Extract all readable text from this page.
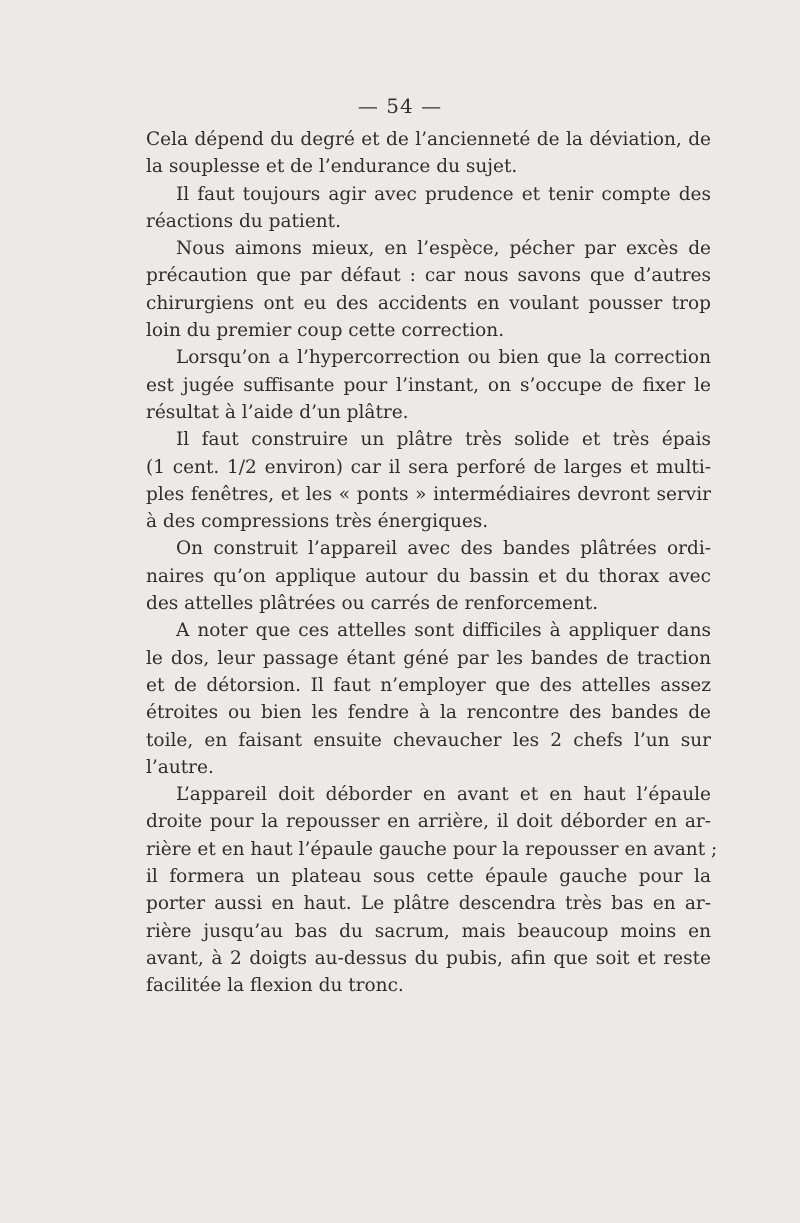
— 54 —
Cela dépend du degré et de l’ancienneté de la déviation, de
la souplesse et de l’endurance du sujet.
Il faut toujours agir avec prudence et tenir compte des
réactions du patient.
Nous aimons mieux, en l’espèce, pécher par excès de
précaution que par défaut : car nous savons que d’autres
chirurgiens ont eu des accidents en voulant pousser trop
loin du premier coup cette correction.
Lorsqu’on a l’hypercorrection ou bien que la correction
est jugée suffisante pour l’instant, on s’occupe de fixer le
résultat à l’aide d’un plâtre.
Il faut construire un plâtre très solide et très épais
(1 cent. 1/2 environ) car il sera perforé de larges et multi-
ples fenêtres, et les « ponts » intermédiaires devront servir
à des compressions très énergiques.
On construit l’appareil avec des bandes plâtrées ordi-
naires qu’on applique autour du bassin et du thorax avec
des attelles plâtrées ou carrés de renforcement.
A noter que ces attelles sont difficiles à appliquer dans
le dos, leur passage étant géné par les bandes de traction
et de détorsion. Il faut n’employer que des attelles assez
étroites ou bien les fendre à la rencontre des bandes de
toile, en faisant ensuite chevaucher les 2 chefs l’un sur
l’autre.
L’appareil doit déborder en avant et en haut l’épaule
droite pour la repousser en arrière, il doit déborder en ar-
rière et en haut l’épaule gauche pour la repousser en avant ;
il formera un plateau sous cette épaule gauche pour la
porter aussi en haut. Le plâtre descendra très bas en ar-
rière jusqu’au bas du sacrum, mais beaucoup moins en
avant, à 2 doigts au-dessus du pubis, afin que soit et reste
facilitée la flexion du tronc.
